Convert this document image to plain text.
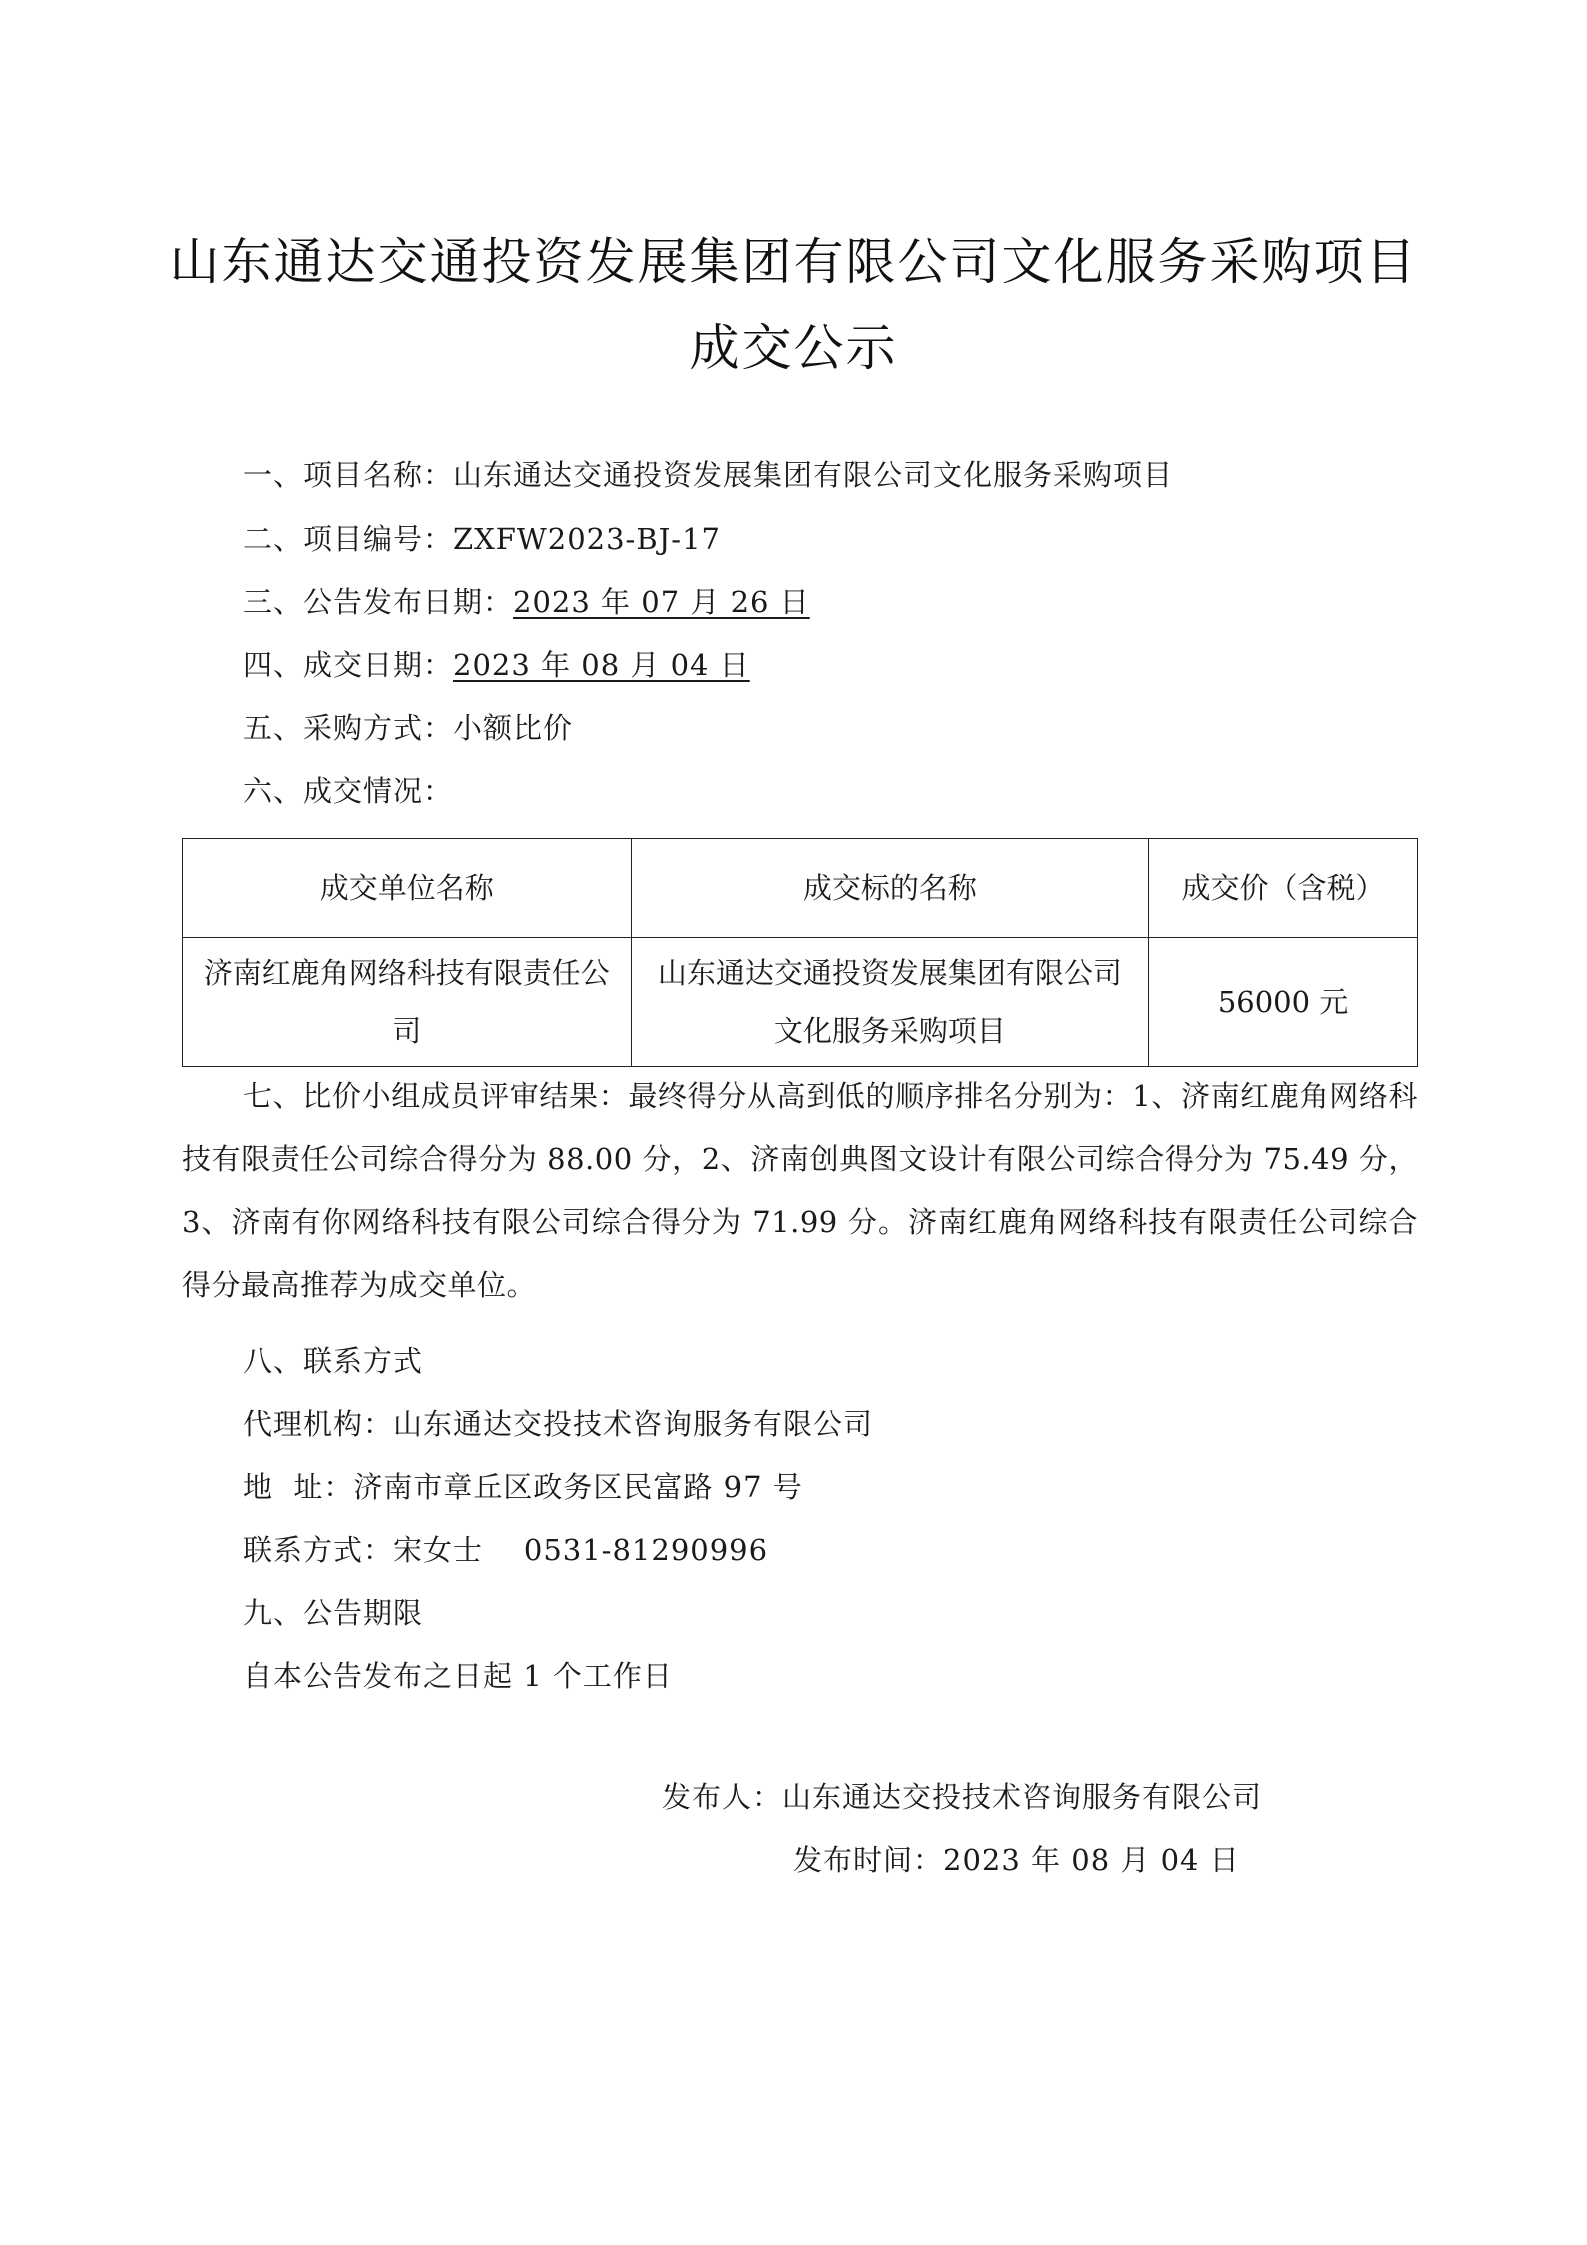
山东通达交通投资发展集团有限公司文化服务采购项目
成交公示
一、项目名称：山东通达交通投资发展集团有限公司文化服务采购项目
二、项目编号：ZXFW2023-BJ-17
三、公告发布日期：2023 年 07 月 26 日
四、成交日期：2023 年 08 月 04 日
五、采购方式：小额比价
六、成交情况：
成交单位名称	成交标的名称	成交价（含税）
济南红鹿角网络科技有限责任公司	山东通达交通投资发展集团有限公司文化服务采购项目	56000 元
七、比价小组成员评审结果：最终得分从高到低的顺序排名分别为：1、济南红鹿角网络科技有限责任公司综合得分为 88.00 分，2、济南创典图文设计有限公司综合得分为 75.49 分，3、济南有你网络科技有限公司综合得分为 71.99 分。济南红鹿角网络科技有限责任公司综合得分最高推荐为成交单位。
八、联系方式
代理机构：山东通达交投技术咨询服务有限公司
地  址：济南市章丘区政务区民富路 97 号
联系方式：宋女士    0531-81290996
九、公告期限
自本公告发布之日起 1 个工作日
发布人：山东通达交投技术咨询服务有限公司
发布时间：2023 年 08 月 04 日
